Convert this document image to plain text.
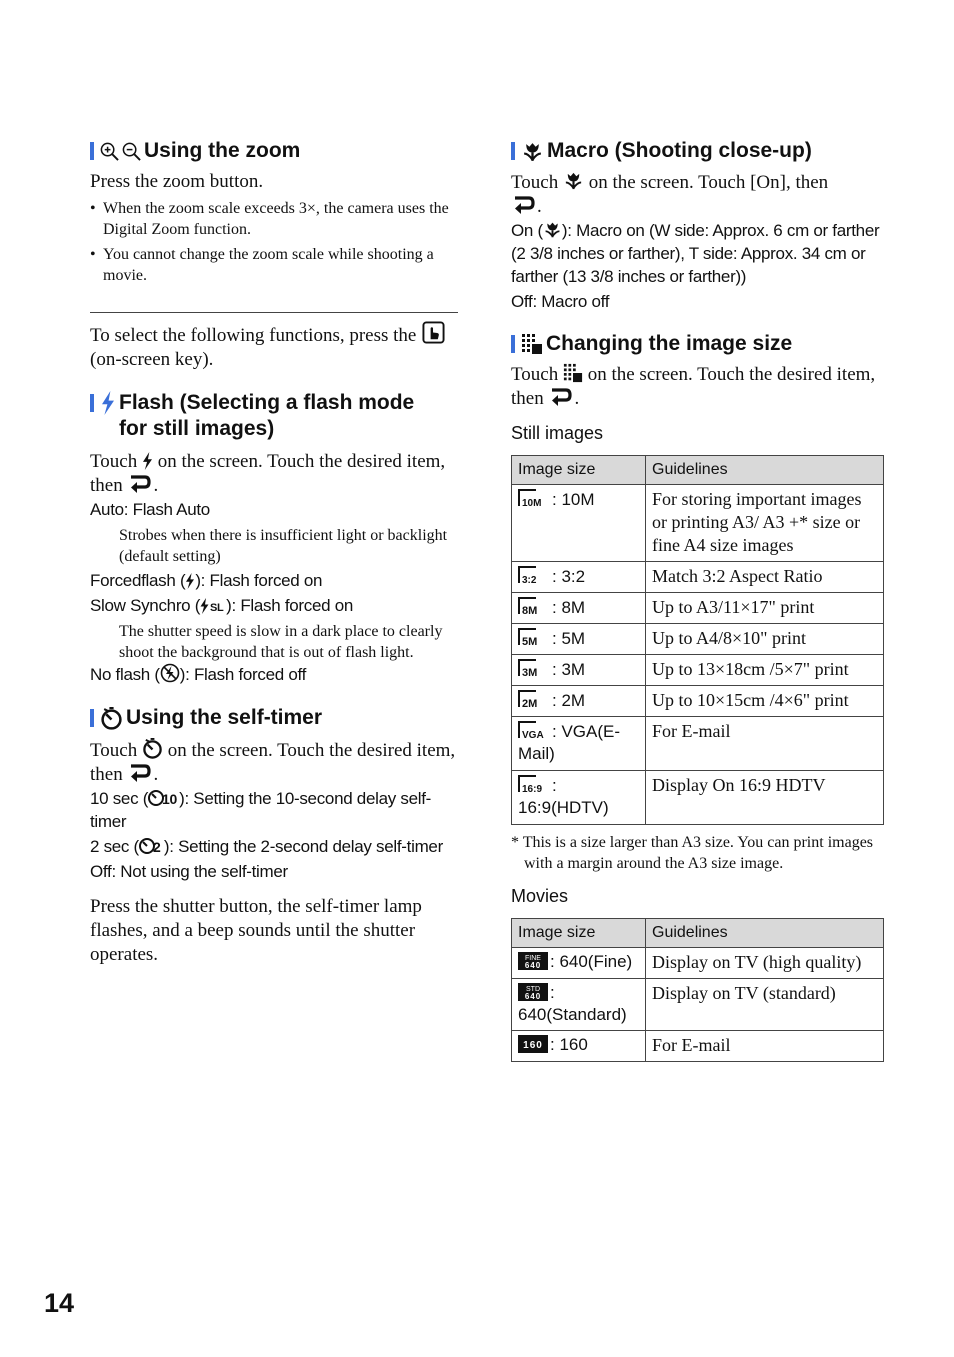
Using the zoom

Press the zoom button.

• When the zoom scale exceeds 3×, the camera uses the Digital Zoom function.
• You cannot change the zoom scale while shooting a movie.

To select the following functions, press the  (on-screen key).

Flash (Selecting a flash mode
for still images)

Touch on the screen. Touch the desired item, then .

Auto: Flash Auto

Strobes when there is insufficient light or backlight (default setting)

Forcedflash ( ): Flash forced on

Slow Synchro ( SL ): Flash forced on

The shutter speed is slow in a dark place to clearly shoot the background that is out of flash light.

No flash ( ): Flash forced off

Using the self-timer

Touch on the screen. Touch the desired item, then .

10 sec ( 10 ): Setting the 10-second delay self-timer

2 sec ( 2 ): Setting the 2-second delay self-timer

Off: Not using the self-timer

Press the shutter button, the self-timer lamp flashes, and a beep sounds until the shutter operates.

Macro (Shooting close-up)

Touch on the screen. Touch [On], then
.

On ( ): Macro on (W side: Approx. 6 cm or farther (2 3/8 inches or farther), T side: Approx. 34 cm or farther (13 3/8 inches or farther))

Off: Macro off

Changing the image size

Touch on the screen. Touch the desired item, then .

Still images

Image size	Guidelines

10M : 10M	For storing important images or printing A3/ A3 +* size or fine A4 size images

3:2 : 3:2	Match 3:2 Aspect Ratio

8M : 8M	Up to A3/11×17" print

5M : 5M	Up to A4/8×10" print

3M : 3M	Up to 13×18cm /5×7" print

2M : 2M	Up to 10×15cm /4×6" print

VGA : VGA(E-Mail)	For E-mail

16:9 : 16:9(HDTV)	Display On 16:9 HDTV

* This is a size larger than A3 size. You can print images with a margin around the A3 size image.

Movies

Image size	Guidelines

FINE
640 : 640(Fine)	Display on TV (high quality)

STD
640 : 640(Standard)	Display on TV (standard)

160 : 160	For E-mail
14
